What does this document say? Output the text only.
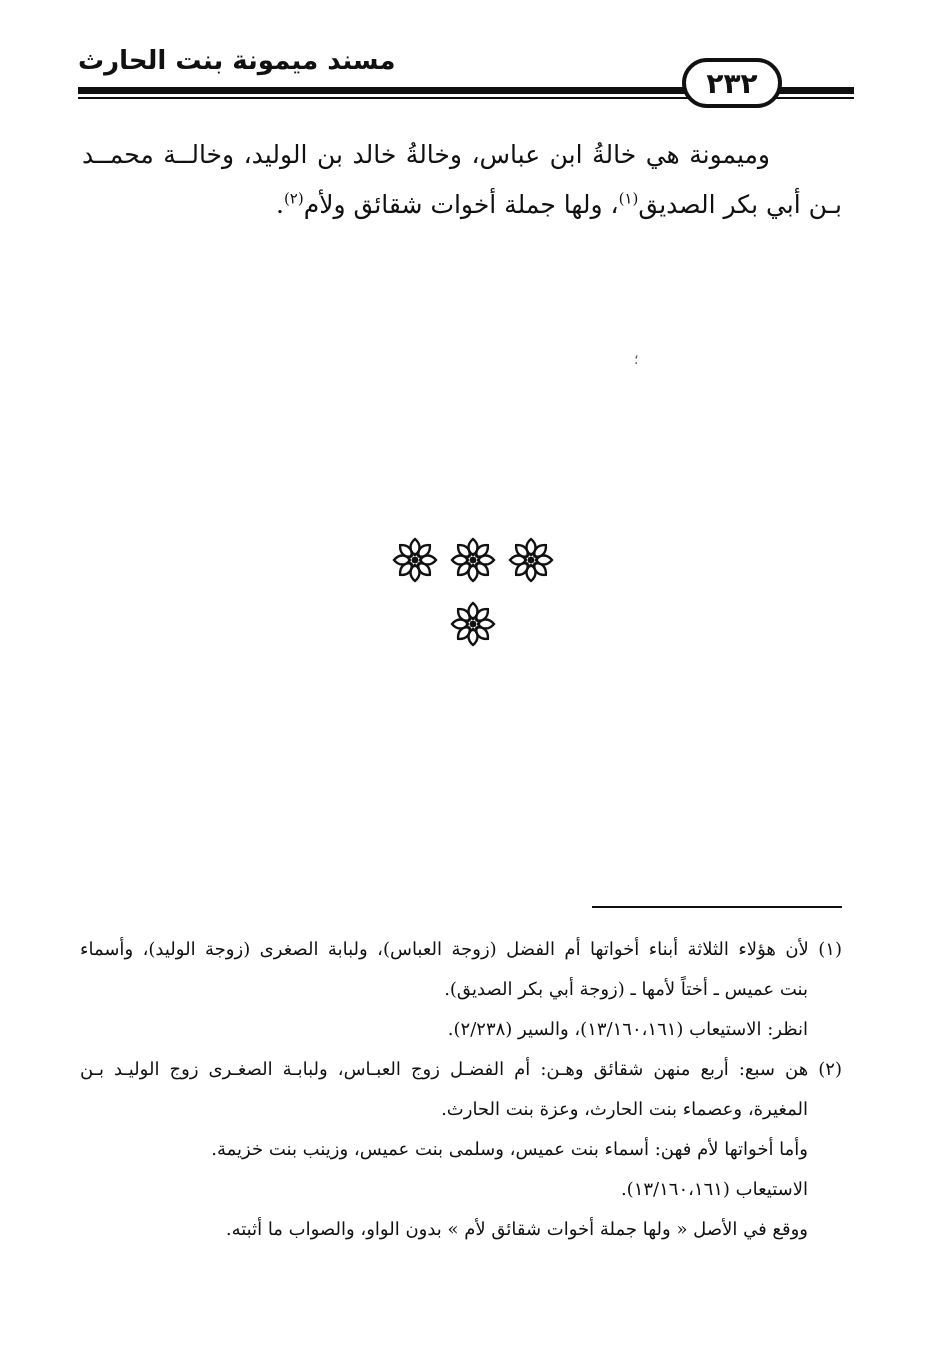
مسند ميمونة بنت الحارث
٢٣٢

وميمونة هي خالةُ ابن عباس، وخالةُ خالد بن الوليد، وخالــة محمــد بـن أبي بكر الصديق$^{(١)}$، ولها جملة أخوات شقائق ولأم$^{(٢)}$.

؛
(١) لأن هؤلاء الثلاثة أبناء أخواتها أم الفضل (زوجة العباس)، ولبابة الصغرى (زوجة الوليد)، وأسماء
بنت عميس ـ أختاً لأمها ـ (زوجة أبي بكر الصديق).
انظر: الاستيعاب (١٣/١٦٠،١٦١)، والسير (٢/٢٣٨).
(٢) هن سبع: أربع منهن شقائق وهـن: أم الفضـل زوج العبـاس، ولبابـة الصغـرى زوج الوليـد بـن
المغيرة، وعصماء بنت الحارث، وعزة بنت الحارث.
وأما أخواتها لأم فهن: أسماء بنت عميس، وسلمى بنت عميس، وزينب بنت خزيمة.
الاستيعاب (١٣/١٦٠،١٦١).
ووقع في الأصل « ولها جملة أخوات شقائق لأم » بدون الواو، والصواب ما أثبته.
